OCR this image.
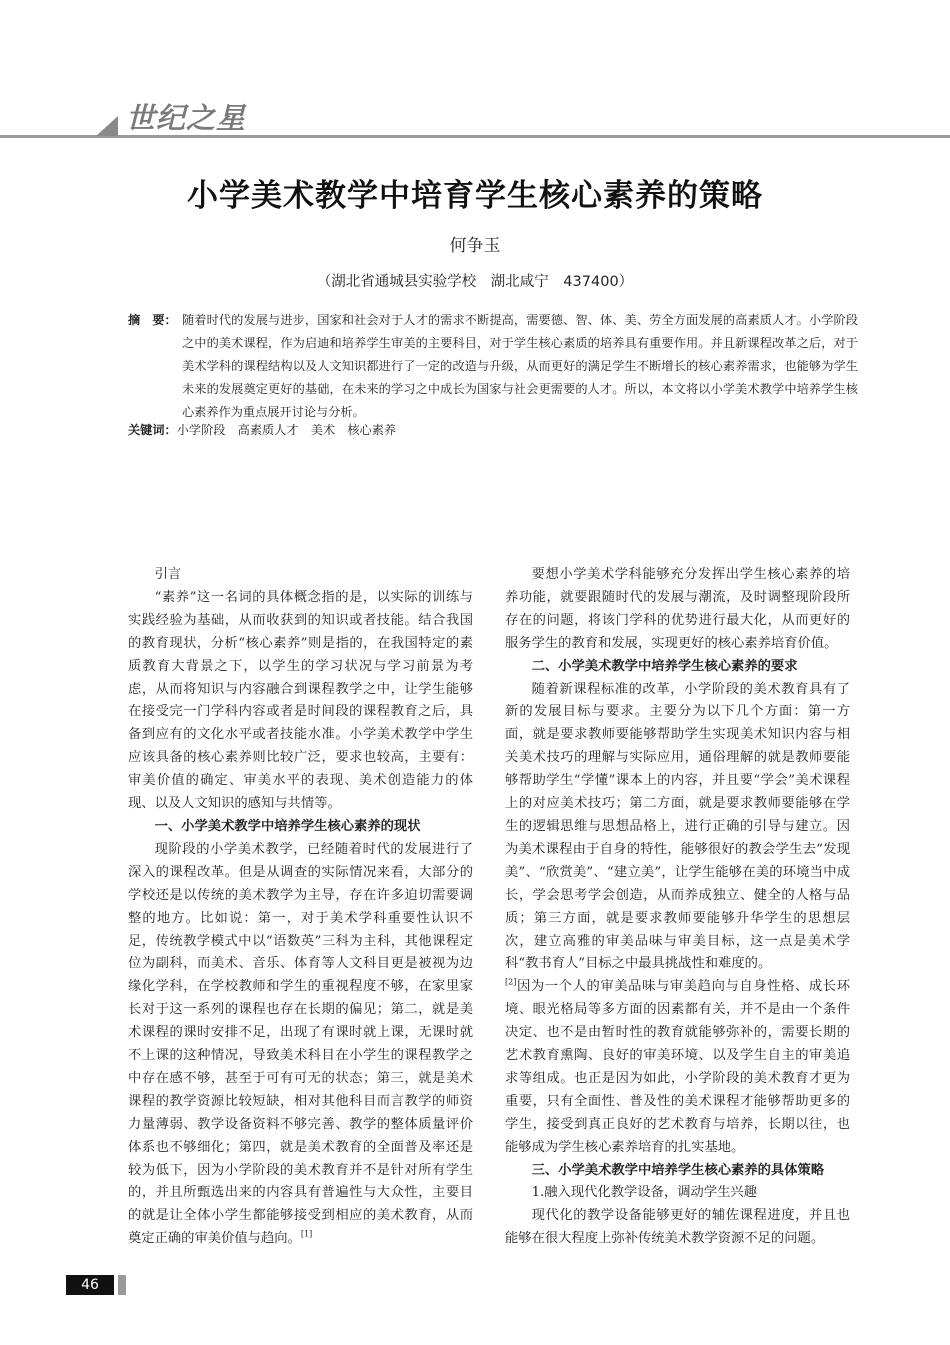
世纪之星
小学美术教学中培育学生核心素养的策略
何争玉
（湖北省通城县实验学校　湖北咸宁　437400）
摘　要： 随着时代的发展与进步，国家和社会对于人才的需求不断提高，需要德、智、体、美、劳全方面发展的高素质人才。小学阶段之中的美术课程，作为启迪和培养学生审美的主要科目，对于学生核心素质的培养具有重要作用。并且新课程改革之后，对于美术学科的课程结构以及人文知识都进行了一定的改造与升级，从而更好的满足学生不断增长的核心素养需求，也能够为学生未来的发展奠定更好的基础，在未来的学习之中成长为国家与社会更需要的人才。所以，本文将以小学美术教学中培养学生核心素养作为重点展开讨论与分析。
关键词：小学阶段　高素质人才　美术　核心素养
引言

“素养”这一名词的具体概念指的是，以实际的训练与实践经验为基础，从而收获到的知识或者技能。结合我国的教育现状，分析“核心素养”则是指的，在我国特定的素质教育大背景之下，以学生的学习状况与学习前景为考虑，从而将知识与内容融合到课程教学之中，让学生能够在接受完一门学科内容或者是时间段的课程教育之后，具备到应有的文化水平或者技能水准。小学美术教学中学生应该具备的核心素养则比较广泛，要求也较高，主要有：审美价值的确定、审美水平的表现、美术创造能力的体现、以及人文知识的感知与共情等。

一、小学美术教学中培养学生核心素养的现状

现阶段的小学美术教学，已经随着时代的发展进行了深入的课程改革。但是从调查的实际情况来看，大部分的学校还是以传统的美术教学为主导，存在许多迫切需要调整的地方。比如说：第一，对于美术学科重要性认识不足，传统教学模式中以“语数英”三科为主科，其他课程定位为副科，而美术、音乐、体育等人文科目更是被视为边缘化学科，在学校教师和学生的重视程度不够，在家里家长对于这一系列的课程也存在长期的偏见；第二，就是美术课程的课时安排不足，出现了有课时就上课，无课时就不上课的这种情况，导致美术科目在小学生的课程教学之中存在感不够，甚至于可有可无的状态；第三，就是美术课程的教学资源比较短缺，相对其他科目而言教学的师资力量薄弱、教学设备资料不够完善、教学的整体质量评价体系也不够细化；第四，就是美术教育的全面普及率还是较为低下，因为小学阶段的美术教育并不是针对所有学生的，并且所甄选出来的内容具有普遍性与大众性，主要目的就是让全体小学生都能够接受到相应的美术教育，从而奠定正确的审美价值与趋向。[1]

要想小学美术学科能够充分发挥出学生核心素养的培养功能，就要跟随时代的发展与潮流，及时调整现阶段所存在的问题，将该门学科的优势进行最大化，从而更好的服务学生的教育和发展，实现更好的核心素养培育价值。

二、小学美术教学中培养学生核心素养的要求

随着新课程标准的改革，小学阶段的美术教育具有了新的发展目标与要求。主要分为以下几个方面：第一方面，就是要求教师要能够帮助学生实现美术知识内容与相关美术技巧的理解与实际应用，通俗理解的就是教师要能够帮助学生“学懂”课本上的内容，并且要“学会”美术课程上的对应美术技巧；第二方面，就是要求教师要能够在学生的逻辑思维与思想品格上，进行正确的引导与建立。因为美术课程由于自身的特性，能够很好的教会学生去“发现美”、“欣赏美”、“建立美”，让学生能够在美的环境当中成长，学会思考学会创造，从而养成独立、健全的人格与品质；第三方面，就是要求教师要能够升华学生的思想层次，建立高雅的审美品味与审美目标，这一点是美术学科“教书育人”目标之中最具挑战性和难度的。

[2]因为一个人的审美品味与审美趋向与自身性格、成长环境、眼光格局等多方面的因素都有关，并不是由一个条件决定、也不是由暂时性的教育就能够弥补的，需要长期的艺术教育熏陶、良好的审美环境、以及学生自主的审美追求等组成。也正是因为如此，小学阶段的美术教育才更为重要，只有全面性、普及性的美术课程才能够帮助更多的学生，接受到真正良好的艺术教育与培养，长期以往，也能够成为学生核心素养培育的扎实基地。

三、小学美术教学中培养学生核心素养的具体策略

1.融入现代化教学设备，调动学生兴趣

现代化的教学设备能够更好的辅佐课程进度，并且也能够在很大程度上弥补传统美术教学资源不足的问题。

46
